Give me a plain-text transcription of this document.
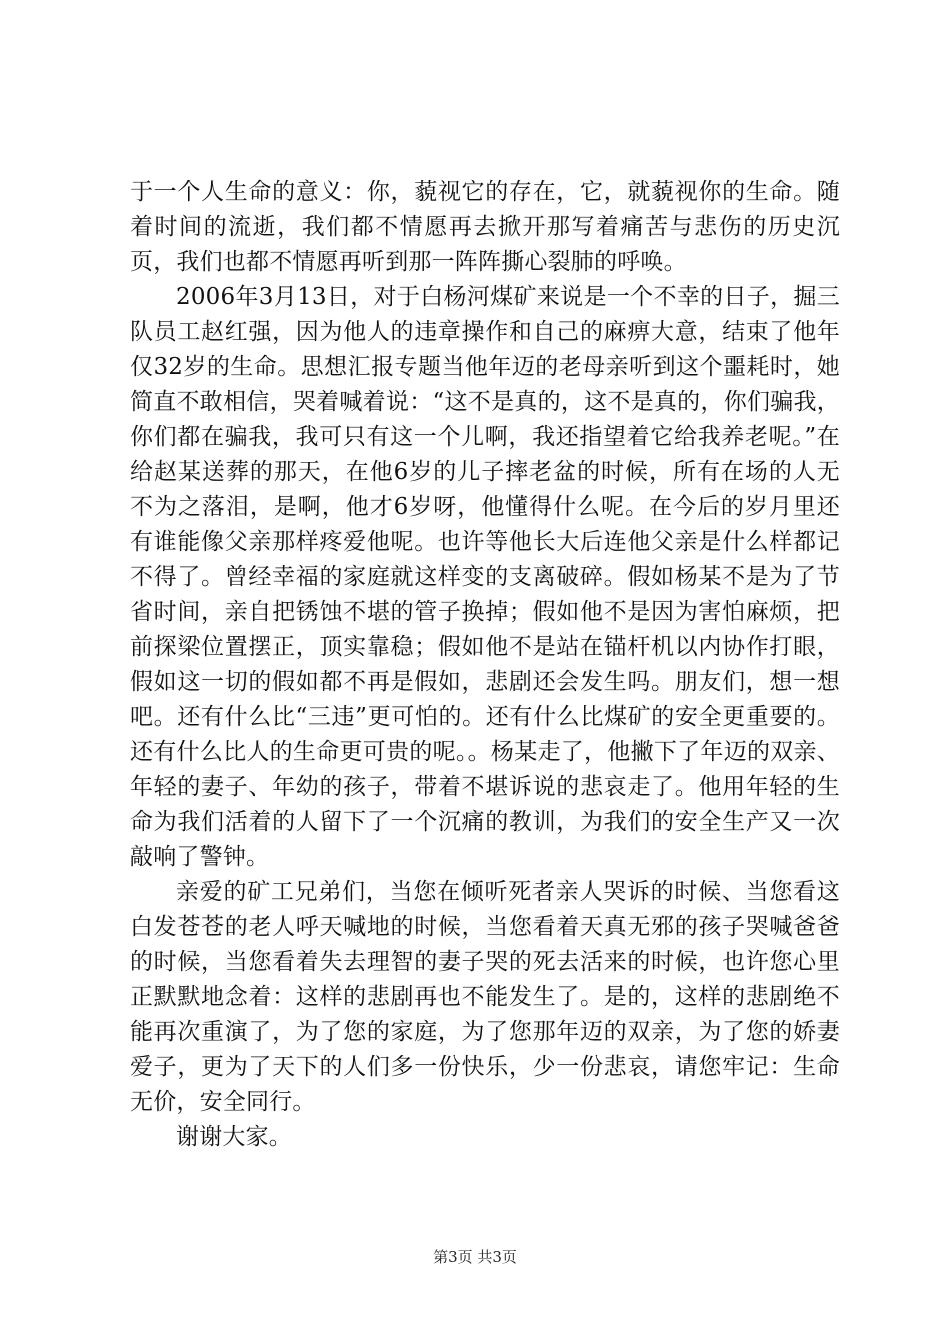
于一个人生命的意义：你，藐视它的存在，它，就藐视你的生命。随着时间的流逝，我们都不情愿再去掀开那写着痛苦与悲伤的历史沉页，我们也都不情愿再听到那一阵阵撕心裂肺的呼唤。

2006年3月13日，对于白杨河煤矿来说是一个不幸的日子，掘三队员工赵红强，因为他人的违章操作和自己的麻痹大意，结束了他年仅32岁的生命。思想汇报专题当他年迈的老母亲听到这个噩耗时，她简直不敢相信，哭着喊着说：“这不是真的，这不是真的，你们骗我，你们都在骗我，我可只有这一个儿啊，我还指望着它给我养老呢。”在给赵某送葬的那天，在他6岁的儿子摔老盆的时候，所有在场的人无不为之落泪，是啊，他才6岁呀，他懂得什么呢。在今后的岁月里还有谁能像父亲那样疼爱他呢。也许等他长大后连他父亲是什么样都记不得了。曾经幸福的家庭就这样变的支离破碎。假如杨某不是为了节省时间，亲自把锈蚀不堪的管子换掉；假如他不是因为害怕麻烦，把前探梁位置摆正，顶实靠稳；假如他不是站在锚杆机以内协作打眼，假如这一切的假如都不再是假如，悲剧还会发生吗。朋友们，想一想吧。还有什么比“三违”更可怕的。还有什么比煤矿的安全更重要的。还有什么比人的生命更可贵的呢。。杨某走了，他撇下了年迈的双亲、年轻的妻子、年幼的孩子，带着不堪诉说的悲哀走了。他用年轻的生命为我们活着的人留下了一个沉痛的教训，为我们的安全生产又一次敲响了警钟。

亲爱的矿工兄弟们，当您在倾听死者亲人哭诉的时候、当您看这白发苍苍的老人呼天喊地的时候，当您看着天真无邪的孩子哭喊爸爸的时候，当您看着失去理智的妻子哭的死去活来的时候，也许您心里正默默地念着：这样的悲剧再也不能发生了。是的，这样的悲剧绝不能再次重演了，为了您的家庭，为了您那年迈的双亲，为了您的娇妻爱子，更为了天下的人们多一份快乐，少一份悲哀，请您牢记：生命无价，安全同行。

谢谢大家。

第3页 共3页
